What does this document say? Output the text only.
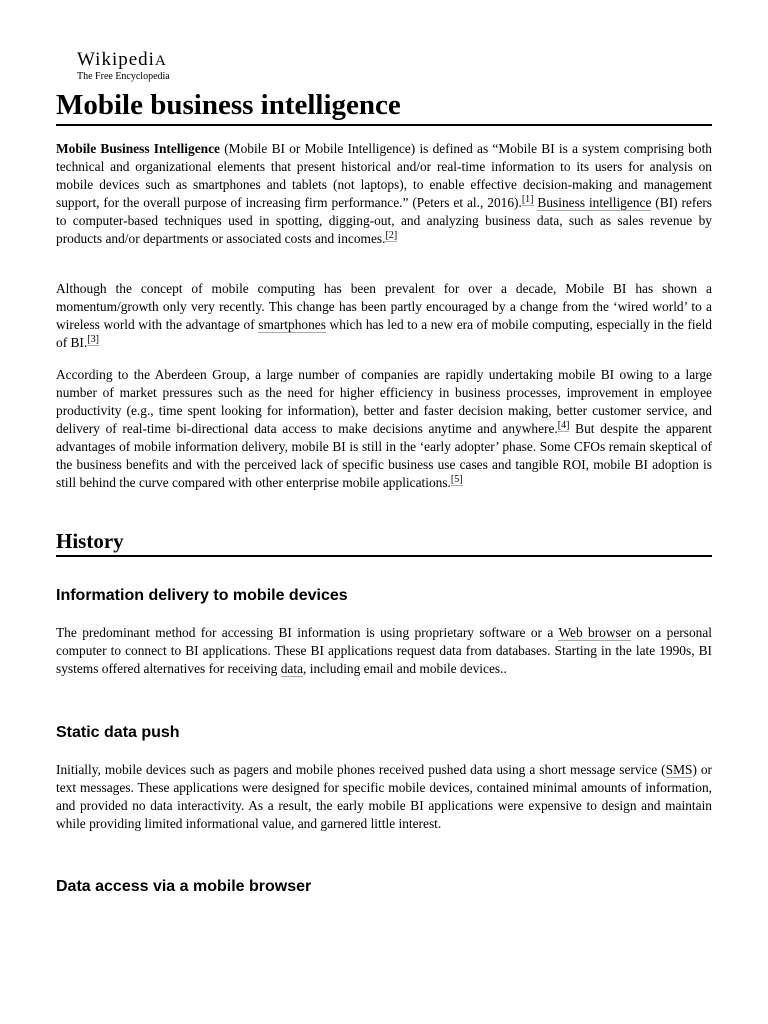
WikipediA
The Free Encyclopedia
Mobile business intelligence

Mobile Business Intelligence (Mobile BI or Mobile Intelligence) is defined as “Mobile BI is a system comprising both technical and organizational elements that present historical and/or real-time information to its users for analysis on mobile devices such as smartphones and tablets (not laptops), to enable effective decision-making and management support, for the overall purpose of increasing firm performance.” (Peters et al., 2016).[1] Business intelligence (BI) refers to computer-based techniques used in spotting, digging-out, and analyzing business data, such as sales revenue by products and/or departments or associated costs and incomes.[2]

Although the concept of mobile computing has been prevalent for over a decade, Mobile BI has shown a momentum/growth only very recently. This change has been partly encouraged by a change from the ‘wired world’ to a wireless world with the advantage of smartphones which has led to a new era of mobile computing, especially in the field of BI.[3]

According to the Aberdeen Group, a large number of companies are rapidly undertaking mobile BI owing to a large number of market pressures such as the need for higher efficiency in business processes, improvement in employee productivity (e.g., time spent looking for information), better and faster decision making, better customer service, and delivery of real-time bi-directional data access to make decisions anytime and anywhere.[4] But despite the apparent advantages of mobile information delivery, mobile BI is still in the ‘early adopter’ phase. Some CFOs remain skeptical of the business benefits and with the perceived lack of specific business use cases and tangible ROI, mobile BI adoption is still behind the curve compared with other enterprise mobile applications.[5]

History
Information delivery to mobile devices

The predominant method for accessing BI information is using proprietary software or a Web browser on a personal computer to connect to BI applications. These BI applications request data from databases. Starting in the late 1990s, BI systems offered alternatives for receiving data, including email and mobile devices..

Static data push

Initially, mobile devices such as pagers and mobile phones received pushed data using a short message service (SMS) or text messages. These applications were designed for specific mobile devices, contained minimal amounts of information, and provided no data interactivity. As a result, the early mobile BI applications were expensive to design and maintain while providing limited informational value, and garnered little interest.

Data access via a mobile browser
